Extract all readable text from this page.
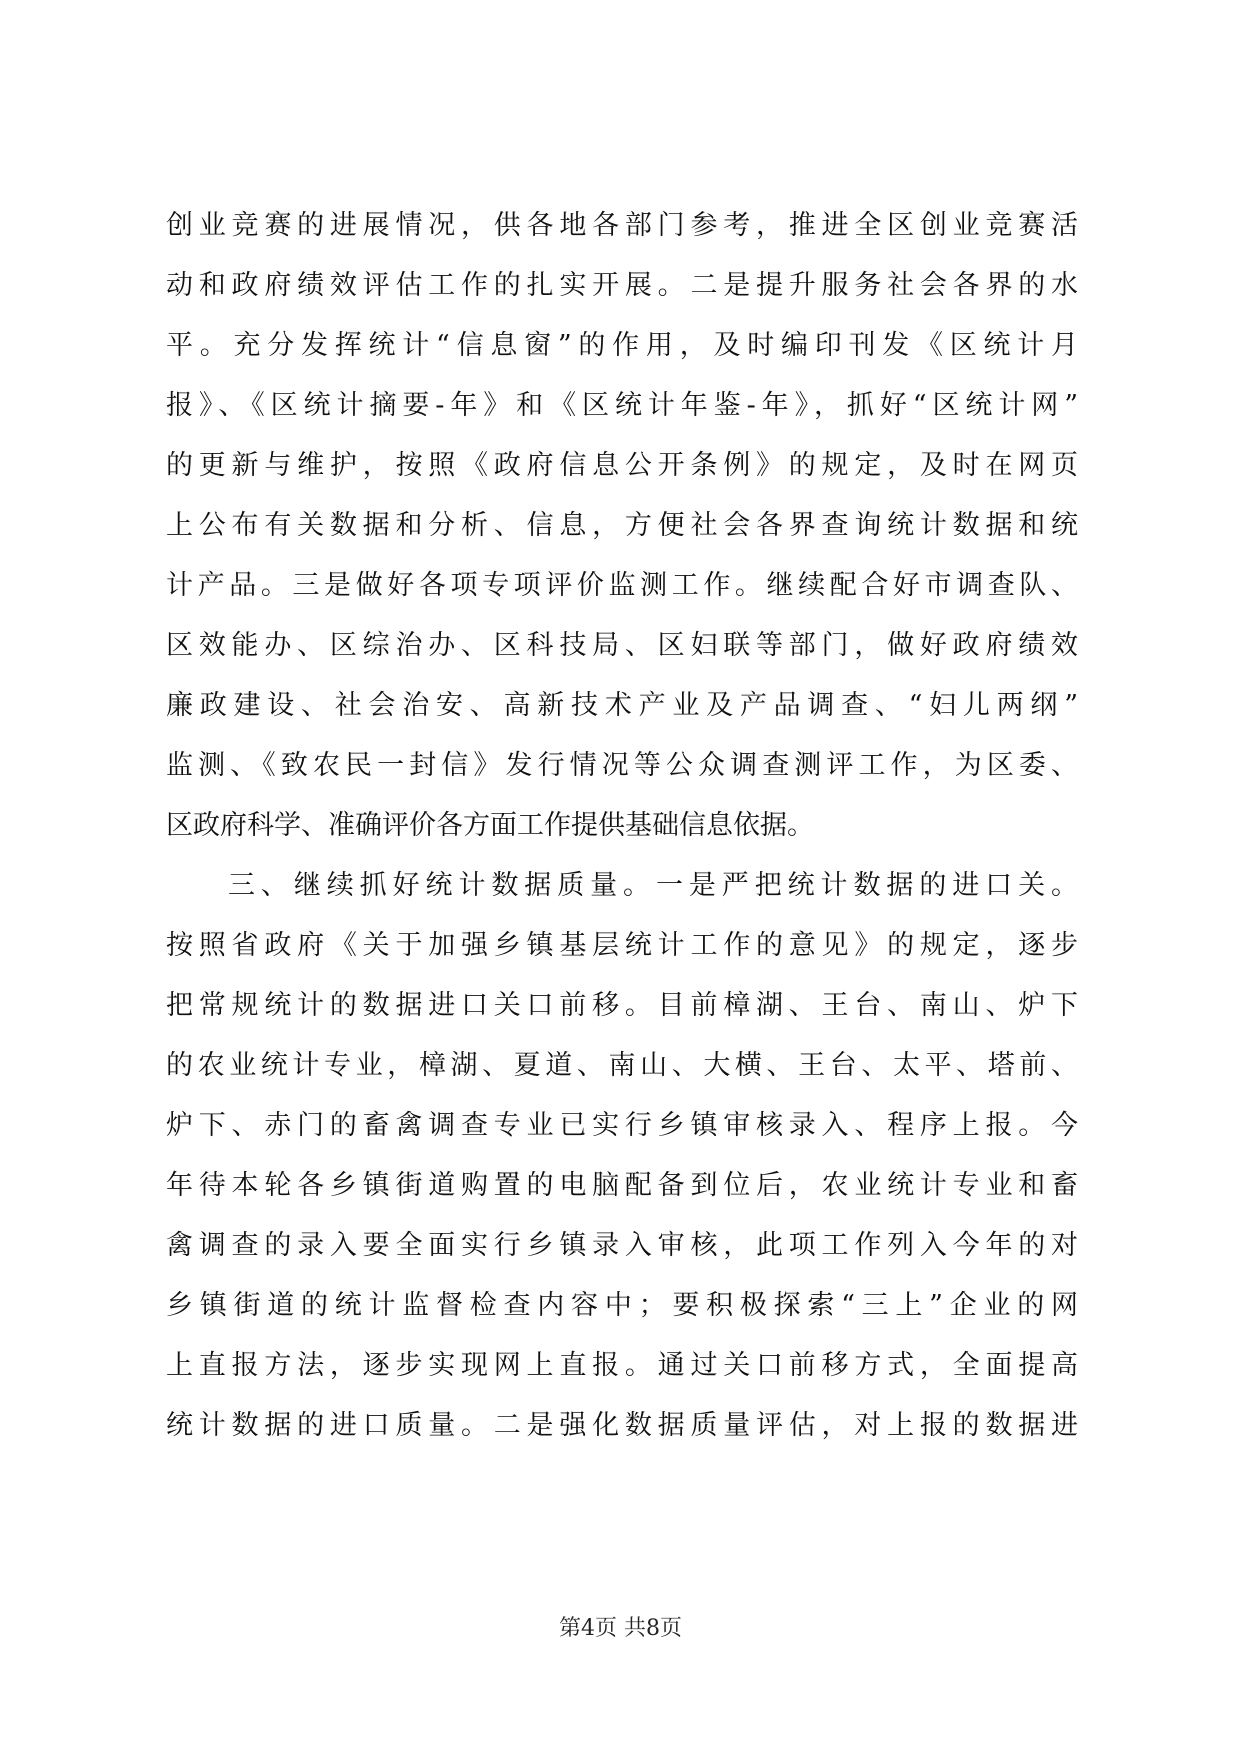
创业竞赛的进展情况，供各地各部门参考，推进全区创业竞赛活
动和政府绩效评估工作的扎实开展。二是提升服务社会各界的水
平。充分发挥统计“信息窗”的作用，及时编印刊发《区统计月
报》、《区统计摘要-年》和《区统计年鉴-年》，抓好“区统计网”
的更新与维护，按照《政府信息公开条例》的规定，及时在网页
上公布有关数据和分析、信息，方便社会各界查询统计数据和统
计产品。三是做好各项专项评价监测工作。继续配合好市调查队、
区效能办、区综治办、区科技局、区妇联等部门，做好政府绩效
廉政建设、社会治安、高新技术产业及产品调查、“妇儿两纲”
监测、《致农民一封信》发行情况等公众调查测评工作，为区委、
区政府科学、准确评价各方面工作提供基础信息依据。
三、继续抓好统计数据质量。一是严把统计数据的进口关。
按照省政府《关于加强乡镇基层统计工作的意见》的规定，逐步
把常规统计的数据进口关口前移。目前樟湖、王台、南山、炉下
的农业统计专业，樟湖、夏道、南山、大横、王台、太平、塔前、
炉下、赤门的畜禽调查专业已实行乡镇审核录入、程序上报。今
年待本轮各乡镇街道购置的电脑配备到位后，农业统计专业和畜
禽调查的录入要全面实行乡镇录入审核，此项工作列入今年的对
乡镇街道的统计监督检查内容中；要积极探索“三上”企业的网
上直报方法，逐步实现网上直报。通过关口前移方式，全面提高
统计数据的进口质量。二是强化数据质量评估，对上报的数据进
第4页 共8页
